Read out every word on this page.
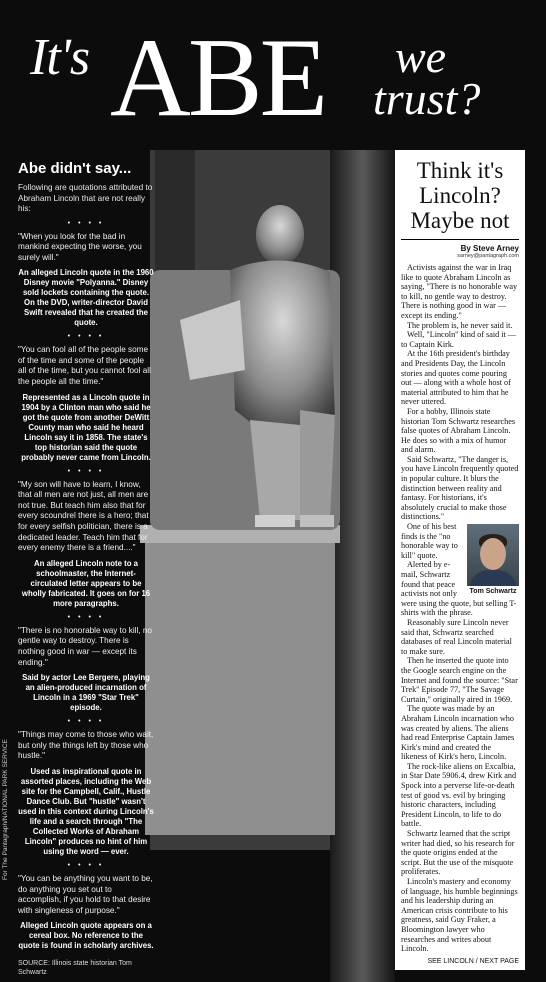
It's ABE we
trust?
Abe didn't say...
Following are quotations attributed to Abraham Lincoln that are not really his:
• • • •
"When you look for the bad in mankind expecting the worse, you surely will."
An alleged Lincoln quote in the 1960 Disney movie "Polyanna." Disney sold lockets containing the quote. On the DVD, writer-director David Swift revealed that he created the quote.
• • • •
"You can fool all of the people some of the time and some of the people all of the time, but you cannot fool all the people all the time."
Represented as a Lincoln quote in 1904 by a Clinton man who said he got the quote from another DeWitt County man who said he heard Lincoln say it in 1858. The state's top historian said the quote probably never came from Lincoln.
• • • •
"My son will have to learn, I know, that all men are not just, all men are not true. But teach him also that for every scoundrel there is a hero; that for every selfish politician, there is a dedicated leader. Teach him that for every enemy there is a friend...."
An alleged Lincoln note to a schoolmaster, the Internet-circulated letter appears to be wholly fabricated. It goes on for 16 more paragraphs.
• • • •
"There is no honorable way to kill, no gentle way to destroy. There is nothing good in war — except its ending."
Said by actor Lee Bergere, playing an alien-produced incarnation of Lincoln in a 1969 "Star Trek" episode.
• • • •
"Things may come to those who wait, but only the things left by those who hustle."
Used as inspirational quote in assorted places, including the Web site for the Campbell, Calif., Hustle Dance Club. But "hustle" wasn't used in this context during Lincoln's life and a search through "The Collected Works of Abraham Lincoln" produces no hint of him using the word — ever.
• • • •
"You can be anything you want to be, do anything you set out to accomplish, if you hold to that desire with singleness of purpose."
Alleged Lincoln quote appears on a cereal box. No reference to the quote is found in scholarly archives.
SOURCE: Illinois state historian Tom Schwartz
For The Pantagraph/NATIONAL PARK SERVICE
Think it's Lincoln? Maybe not
By Steve Arney
sarney@pantagraph.com

Activists against the war in Iraq like to quote Abraham Lincoln as saying, "There is no honorable way to kill, no gentle way to destroy. There is nothing good in war — except its ending."

The problem is, he never said it.

Well, "Lincoln" kind of said it — to Captain Kirk.

At the 16th president's birthday and Presidents Day, the Lincoln stories and quotes come pouring out — along with a whole host of material attributed to him that he never uttered.

For a hobby, Illinois state historian Tom Schwartz researches false quotes of Abraham Lincoln. He does so with a mix of humor and alarm.

Said Schwartz, "The danger is, you have Lincoln frequently quoted in popular culture. It blurs the distinction between reality and fantasy. For historians, it's absolutely crucial to make those distinctions."

Tom Schwartz

One of his best finds is the "no honorable way to kill" quote.

Alerted by e-mail, Schwartz found that peace activists not only were using the quote, but selling T-shirts with the phrase.

Reasonably sure Lincoln never said that, Schwartz searched databases of real Lincoln material to make sure.

Then he inserted the quote into the Google search engine on the Internet and found the source: "Star Trek" Episode 77, "The Savage Curtain," originally aired in 1969.

The quote was made by an Abraham Lincoln incarnation who was created by aliens. The aliens had read Enterprise Captain James Kirk's mind and created the likeness of Kirk's hero, Lincoln.

The rock-like aliens on Excalbia, in Star Date 5906.4, drew Kirk and Spock into a perverse life-or-death test of good vs. evil by bringing historic characters, including President Lincoln, to life to do battle.

Schwartz learned that the script writer had died, so his research for the quote origins ended at the script. But the use of the misquote proliferates.

Lincoln's mastery and economy of language, his humble beginnings and his leadership during an American crisis contribute to his greatness, said Guy Fraker, a Bloomington lawyer who researches and writes about Lincoln.

SEE LINCOLN / NEXT PAGE
